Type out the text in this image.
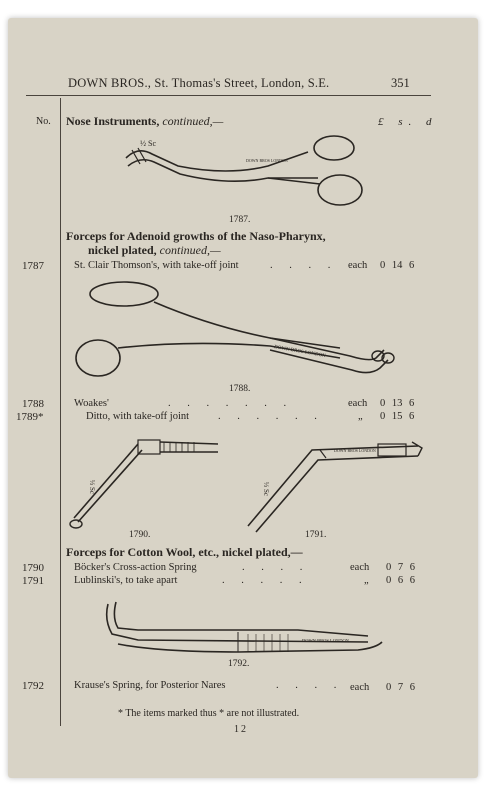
DOWN BROS., St. Thomas's Street, London, S.E.	351
No. Nose Instruments, continued,—	£ s. d
½ Sc
DOWN BROS LONDON
1787.
Forceps for Adenoid growths of the Naso-Pharynx,
nickel plated, continued,—
1787	St. Clair Thomson's, with take-off joint	. . . . each 0 14 6
DOWN BROS LONDON
1788.
1788	Woakes'	. . . . . . .	each 0 13 6
1789*	Ditto, with take-off joint	. . . . . .	„ 0 15 6
⅓ Sc
1790.
⅓ Sc
DOWN BROS LONDON
1791.
Forceps for Cotton Wool, etc., nickel plated,—
1790	Böcker's Cross-action Spring	. . . .	each 0 7 6
1791	Lublinski's, to take apart	. . . . .	„ 0 6 6
DOWN BROS LONDON
1792.
1792	Krause's Spring, for Posterior Nares	. . . . each 0 7 6
* The items marked thus * are not illustrated.
12
